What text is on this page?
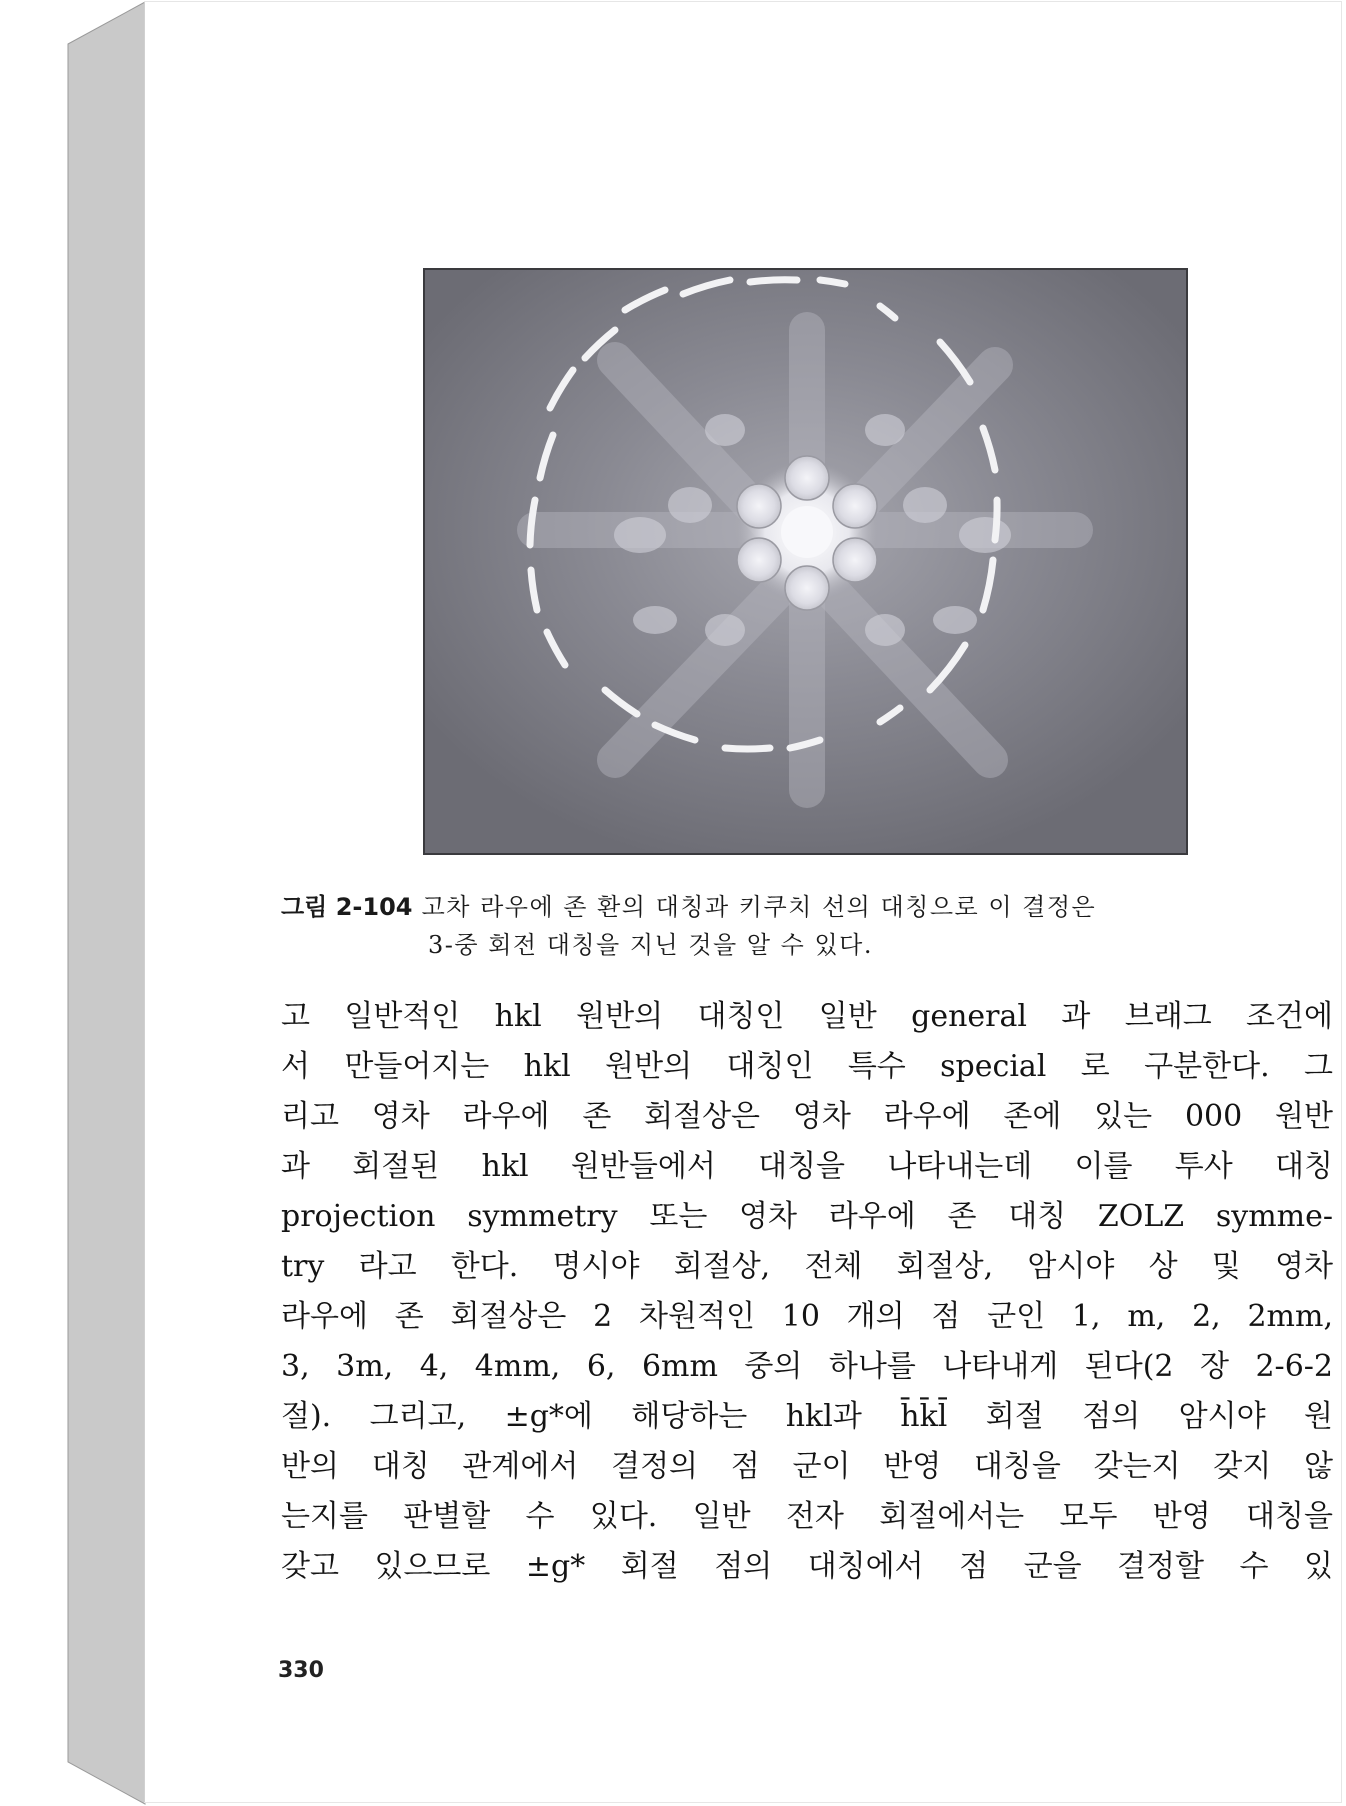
그림 2-104 고차 라우에 존 환의 대칭과 키쿠치 선의 대칭으로 이 결정은
3-중 회전 대칭을 지닌 것을 알 수 있다.
고 일반적인 hkl 원반의 대칭인 일반 general 과 브래그 조건에
서 만들어지는 hkl 원반의 대칭인 특수 special 로 구분한다. 그
리고 영차 라우에 존 회절상은 영차 라우에 존에 있는 000 원반
과 회절된 hkl 원반들에서 대칭을 나타내는데 이를 투사 대칭
projection symmetry 또는 영차 라우에 존 대칭 ZOLZ symme-
try 라고 한다. 명시야 회절상, 전체 회절상, 암시야 상 및 영차
라우에 존 회절상은 2 차원적인 10 개의 점 군인 1, m, 2, 2mm,
3, 3m, 4, 4mm, 6, 6mm 중의 하나를 나타내게 된다(2 장 2-6-2
절). 그리고, ±g*에 해당하는 hkl과 h̄k̄l̄ 회절 점의 암시야 원
반의 대칭 관계에서 결정의 점 군이 반영 대칭을 갖는지 갖지 않
는지를 판별할 수 있다. 일반 전자 회절에서는 모두 반영 대칭을
갖고 있으므로 ±g* 회절 점의 대칭에서 점 군을 결정할 수 있
330
